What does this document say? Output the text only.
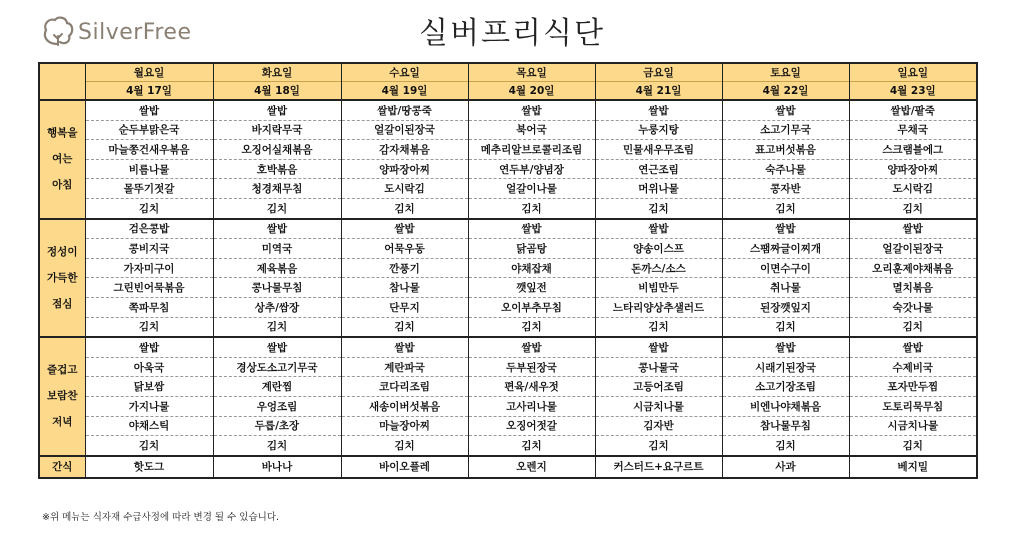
SilverFree	실버프리식단
	월요일	화요일	수요일	목요일	금요일	토요일	일요일
	4월 17일	4월 18일	4월 19일	4월 20일	4월 21일	4월 22일	4월 23일

행복을
여는
아침	쌀밥	쌀밥	쌀밥/땅콩죽	쌀밥	쌀밥	쌀밥	쌀밥/팥죽
	순두부맑은국	바지락무국	얼갈이된장국	북어국	누룽지탕	소고기무국	무채국
	마늘쫑건새우볶음	오징어실채볶음	감자채볶음	메추리알브로콜리조림	민물새우무조림	표고버섯볶음	스크램블에그
	비름나물	호박볶음	양파장아찌	연두부/양념장	연근조림	숙주나물	양파장아찌
	몰뚜기젓갈	청경채무침	도시락김	얼갈이나물	머위나물	콩자반	도시락김
	김치	김치	김치	김치	김치	김치	김치

정성이
가득한
점심	검은콩밥	쌀밥	쌀밥	쌀밥	쌀밥	쌀밥	쌀밥
	콩비지국	미역국	어묵우동	닭곰탕	양송이스프	스팸짜글이찌개	얼갈이된장국
	가자미구이	제육볶음	깐풍기	야채잡채	돈까스/소스	이면수구이	오리훈제야채볶음
	그린빈어묵볶음	콩나물무침	참나물	깻잎전	비빔만두	취나물	멸치볶음
	쪽파무침	상추/쌈장	단무지	오이부추무침	느타리양상추샐러드	된장깻잎지	숙갓나물
	김치	김치	김치	김치	김치	김치	김치

즐겁고
보람찬
저녁	쌀밥	쌀밥	쌀밥	쌀밥	쌀밥	쌀밥	쌀밥
	아욱국	경상도소고기무국	계란파국	두부된장국	콩나물국	시래기된장국	수제비국
	닭보쌈	계란찜	코다리조림	편육/새우젓	고등어조림	소고기장조림	포자만두찜
	가지나물	우엉조림	새송이버섯볶음	고사리나물	시금치나물	비엔나야채볶음	도토리묵무침
	야채스틱	두릅/초장	마늘장아찌	오징어젓갈	김자반	참나물무침	시금치나물
	김치	김치	김치	김치	김치	김치	김치
간식	핫도그	바나나	바이오플레	오렌지	커스터드+요구르트	사과	베지밀
※위 메뉴는 식자재 수급사정에 따라 변경 될 수 있습니다.
